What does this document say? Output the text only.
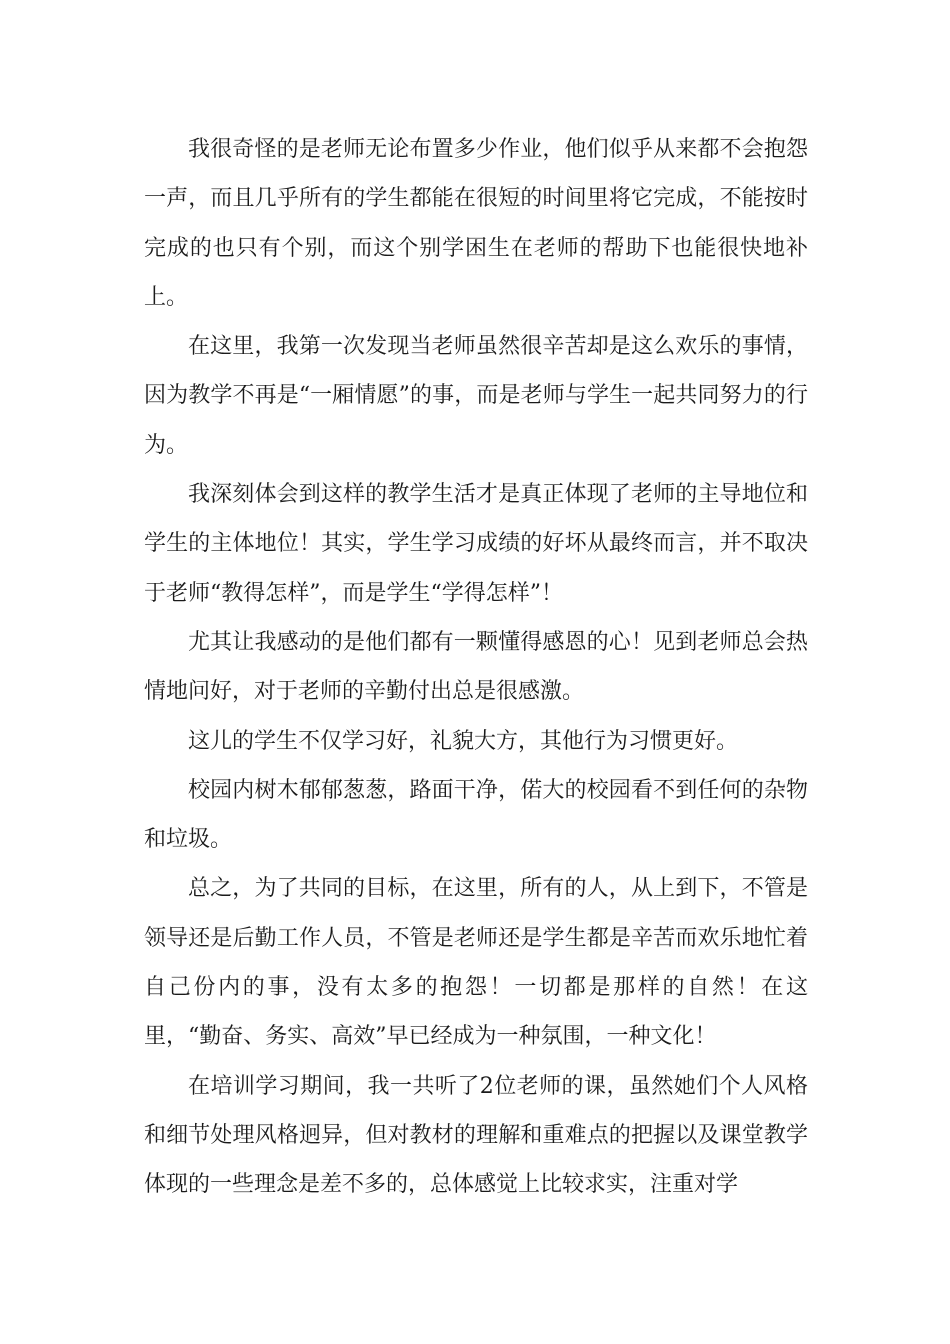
我很奇怪的是老师无论布置多少作业，他们似乎从来都不会抱怨一声，而且几乎所有的学生都能在很短的时间里将它完成，不能按时完成的也只有个别，而这个别学困生在老师的帮助下也能很快地补上。

在这里，我第一次发现当老师虽然很辛苦却是这么欢乐的事情，因为教学不再是“一厢情愿”的事，而是老师与学生一起共同努力的行为。

我深刻体会到这样的教学生活才是真正体现了老师的主导地位和学生的主体地位！其实，学生学习成绩的好坏从最终而言，并不取决于老师“教得怎样”，而是学生“学得怎样”！

尤其让我感动的是他们都有一颗懂得感恩的心！见到老师总会热情地问好，对于老师的辛勤付出总是很感激。

这儿的学生不仅学习好，礼貌大方，其他行为习惯更好。

校园内树木郁郁葱葱，路面干净，偌大的校园看不到任何的杂物和垃圾。

总之，为了共同的目标，在这里，所有的人，从上到下，不管是领导还是后勤工作人员，不管是老师还是学生都是辛苦而欢乐地忙着自己份内的事，没有太多的抱怨！一切都是那样的自然！在这里，“勤奋、务实、高效”早已经成为一种氛围，一种文化！

在培训学习期间，我一共听了2位老师的课，虽然她们个人风格和细节处理风格迥异，但对教材的理解和重难点的把握以及课堂教学体现的一些理念是差不多的，总体感觉上比较求实，注重对学
